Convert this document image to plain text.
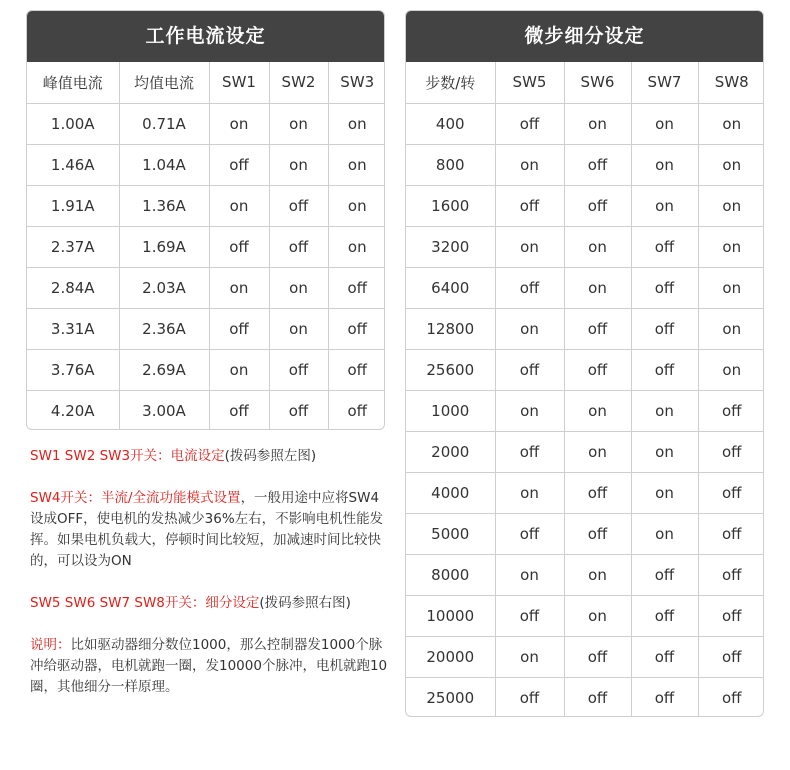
工作电流设定
峰值电流	均值电流	SW1	SW2	SW3
1.00A	0.71A	on	on	on
1.46A	1.04A	off	on	on
1.91A	1.36A	on	off	on
2.37A	1.69A	off	off	on
2.84A	2.03A	on	on	off
3.31A	2.36A	off	on	off
3.76A	2.69A	on	off	off
4.20A	3.00A	off	off	off
微步细分设定
步数/转	SW5	SW6	SW7	SW8
400	off	on	on	on
800	on	off	on	on
1600	off	off	on	on
3200	on	on	off	on
6400	off	on	off	on
12800	on	off	off	on
25600	off	off	off	on
1000	on	on	on	off
2000	off	on	on	off
4000	on	off	on	off
5000	off	off	on	off
8000	on	on	off	off
10000	off	on	off	off
20000	on	off	off	off
25000	off	off	off	off

SW1 SW2 SW3开关：电流设定(拨码参照左图)

SW4开关：半流/全流功能模式设置，一般用途中应将SW4设成OFF，使电机的发热减少36%左右，不影响电机性能发挥。如果电机负载大，停顿时间比较短，加减速时间比较快的，可以设为ON

SW5 SW6 SW7 SW8开关：细分设定(拨码参照右图)

说明：比如驱动器细分数位1000，那么控制器发1000个脉冲给驱动器，电机就跑一圈，发10000个脉冲，电机就跑10圈，其他细分一样原理。
